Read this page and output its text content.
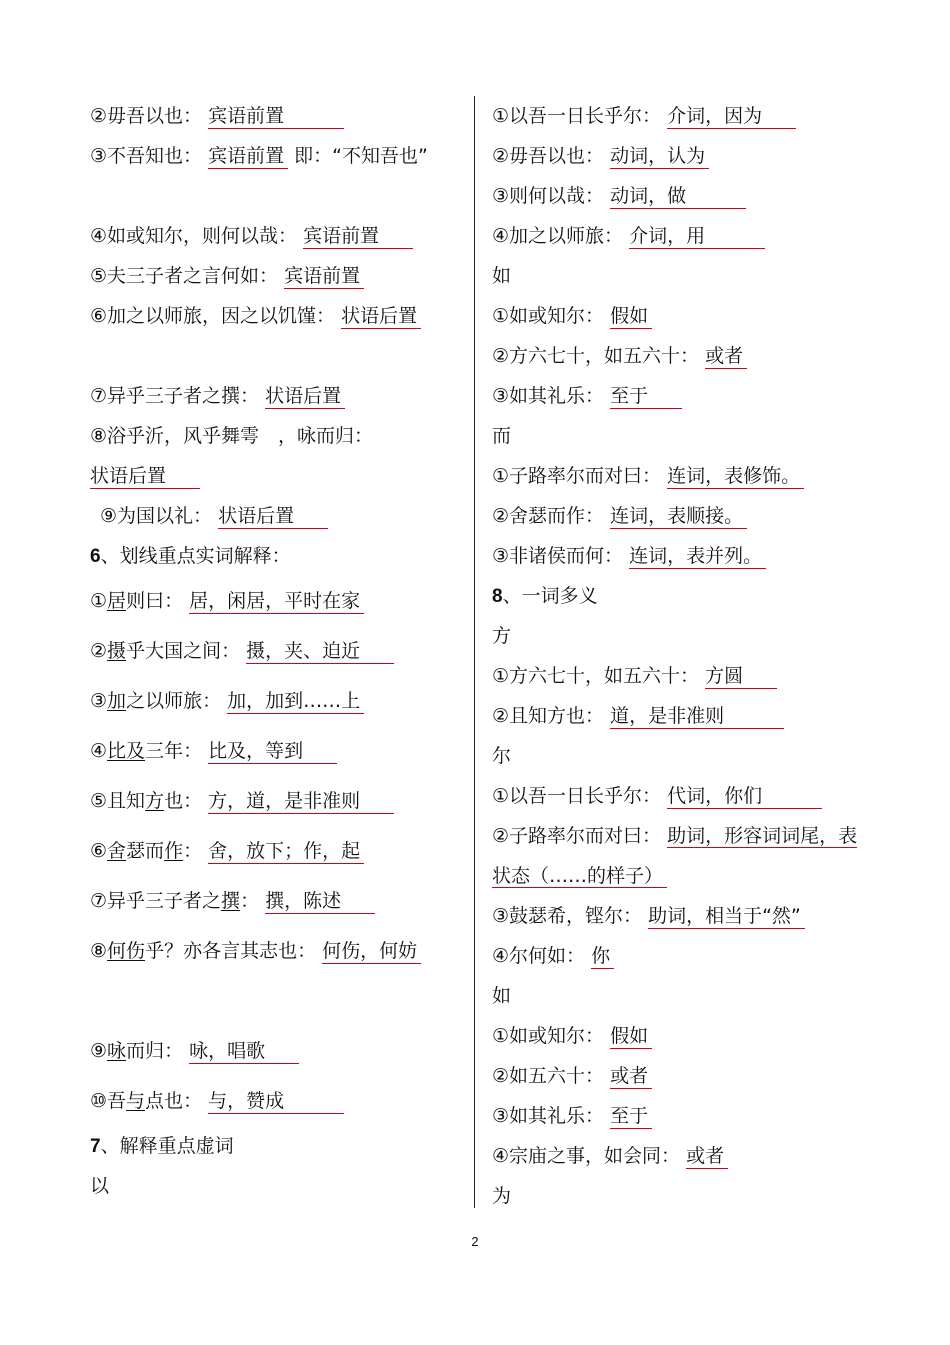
②毋吾以也： 宾语前置
③不吾知也： 宾语前置 即：“不知吾也”
④如或知尔，则何以哉： 宾语前置
⑤夫三子者之言何如： 宾语前置
⑥加之以师旅，因之以饥馑： 状语后置
⑦异乎三子者之撰： 状语后置
⑧浴乎沂，风乎舞雩　，咏而归： 状语后置
⑨为国以礼： 状语后置
6、划线重点实词解释：
①居则曰： 居，闲居，平时在家
②摄乎大国之间： 摄，夹、迫近
③加之以师旅： 加，加到……上
④比及三年： 比及，等到
⑤且知方也： 方，道，是非准则
⑥舍瑟而作： 舍，放下；作，起
⑦异乎三子者之撰： 撰，陈述
⑧何伤乎？亦各言其志也： 何伤，何妨
⑨咏而归： 咏，唱歌
⑩吾与点也： 与，赞成
7、解释重点虚词
以
①以吾一日长乎尔： 介词，因为
②毋吾以也： 动词，认为
③则何以哉： 动词，做
④加之以师旅： 介词，用
如
①如或知尔： 假如
②方六七十，如五六十： 或者
③如其礼乐： 至于
而
①子路率尔而对曰： 连词，表修饰。
②舍瑟而作： 连词，表顺接。
③非诸侯而何： 连词，表并列。
8、一词多义
方
①方六七十，如五六十： 方圆
②且知方也： 道，是非准则
尔
①以吾一日长乎尔： 代词，你们
②子路率尔而对曰： 助词，形容词词尾，表状态（……的样子）
③鼓瑟希，铿尔： 助词，相当于“然”
④尔何如： 你
如
①如或知尔： 假如
②如五六十： 或者
③如其礼乐： 至于
④宗庙之事，如会同： 或者
为
2
